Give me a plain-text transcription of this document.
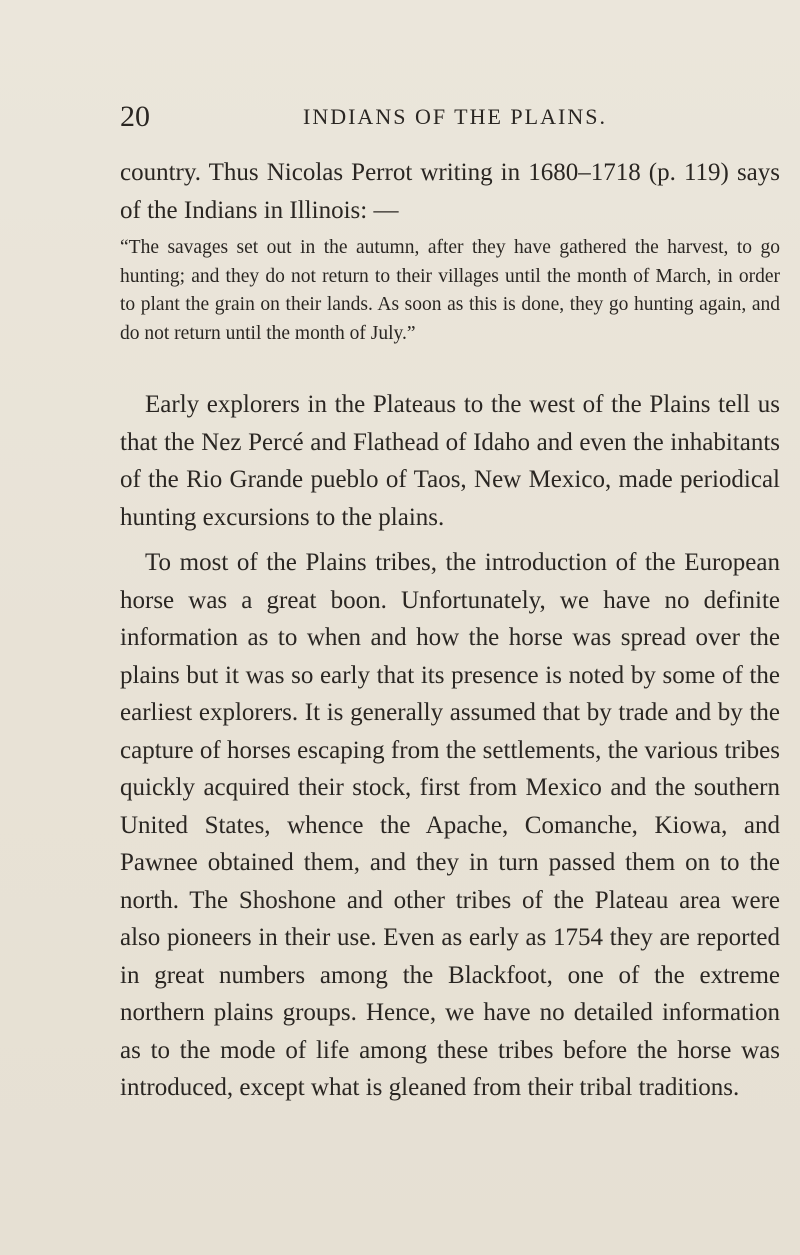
20	INDIANS OF THE PLAINS.
country. Thus Nicolas Perrot writing in 1680–1718 (p. 119) says of the Indians in Illinois: —
“The savages set out in the autumn, after they have gathered the harvest, to go hunting; and they do not return to their villages until the month of March, in order to plant the grain on their lands. As soon as this is done, they go hunting again, and do not return until the month of July.”
Early explorers in the Plateaus to the west of the Plains tell us that the Nez Percé and Flathead of Idaho and even the inhabitants of the Rio Grande pueblo of Taos, New Mexico, made periodical hunting excursions to the plains.
To most of the Plains tribes, the introduction of the European horse was a great boon. Unfortunately, we have no definite information as to when and how the horse was spread over the plains but it was so early that its presence is noted by some of the earliest explorers. It is generally assumed that by trade and by the capture of horses escaping from the settlements, the various tribes quickly acquired their stock, first from Mexico and the southern United States, whence the Apache, Comanche, Kiowa, and Pawnee obtained them, and they in turn passed them on to the north. The Shoshone and other tribes of the Plateau area were also pioneers in their use. Even as early as 1754 they are reported in great numbers among the Blackfoot, one of the extreme northern plains groups. Hence, we have no detailed information as to the mode of life among these tribes before the horse was introduced, except what is gleaned from their tribal traditions.
